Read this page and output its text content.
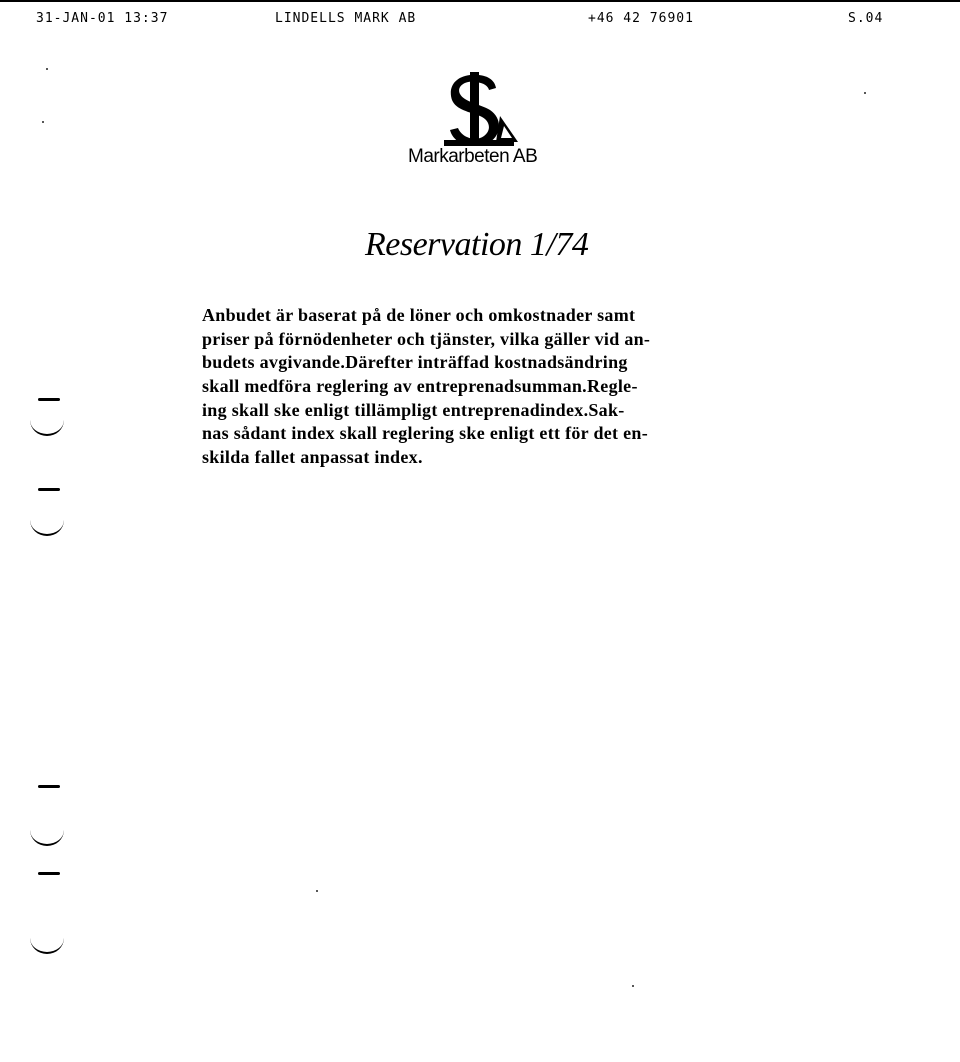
31-JAN-01 13:37	LINDELLS MARK AB	+46 42 76901	S.04
Markarbeten AB
Reservation 1/74
Anbudet är baserat på de löner och omkostnader samt
priser på förnödenheter och tjänster, vilka gäller vid an-
budets avgivande.Därefter inträffad kostnadsändring
skall medföra reglering av entreprenadsumman.Regle-
ing skall ske enligt tillämpligt entreprenadindex.Sak-
nas sådant index skall reglering ske enligt ett för det en-
skilda fallet anpassat index.
